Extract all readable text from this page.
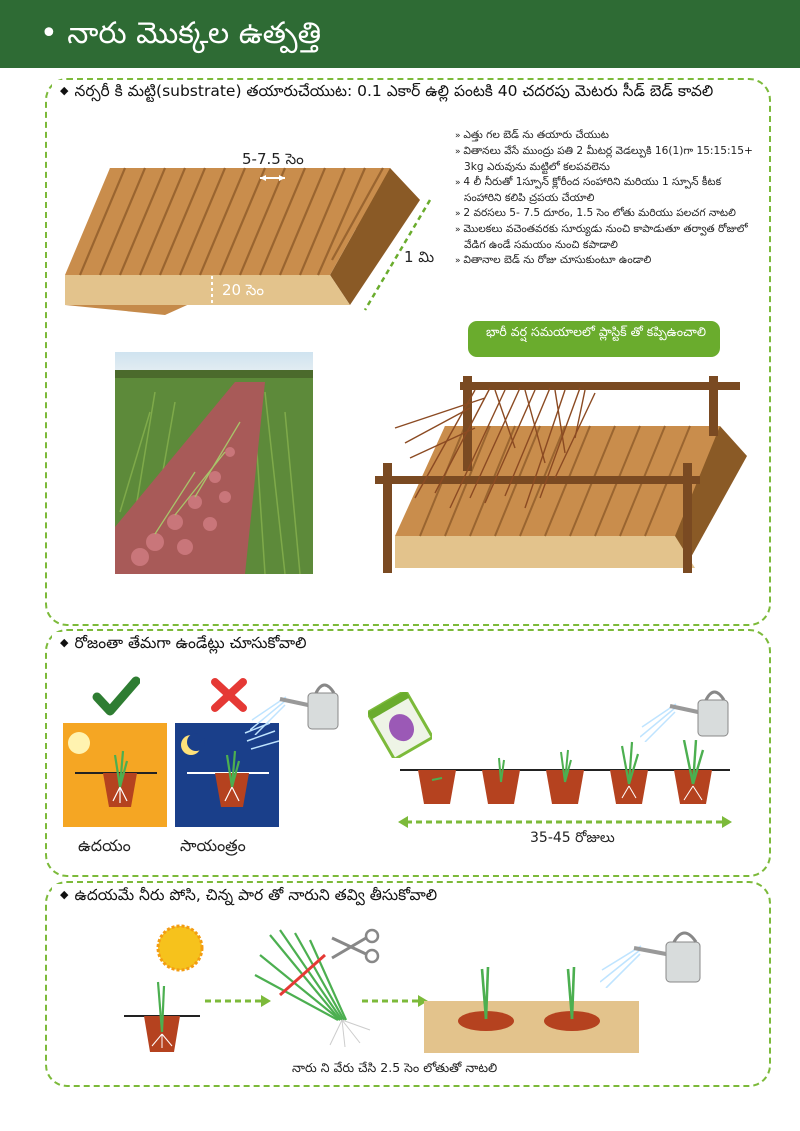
• నారు మొక్కల ఉత్పత్తి
◆ నర్సరీ కి మట్టి(substrate) తయారుచేయుట: 0.1 ఎకార్ ఉల్లి పంటకి 40 చదరపు మెటరు సీడ్ బెడ్ కావలి
5-7.5 సెం
20 సెం
1 మి

» ఎత్తు గల బెడ్ ను తయారు చేయుట

» వితానలు వేసే ముంద్రు పతి 2 మీటర్ల వెడల్పుకి 16(1)గా 15:15:15+ 3kg ఎరువును మట్టిలో కలపవలెను

» 4 లీ నీరుతో 1స్పూన్ క్లోరీంద సంహారిని మరియు 1 స్పూన్ కీటక సంహారిని కలిపి చ్రపయ చేయాలి

» 2 వరసలు 5- 7.5 దూరం, 1.5 సెం లోతు మరియు పలచగ నాటలి

» మొలకలు వచెంతవరకు సూర్యుడు నుంచి కాపాడుతూ తర్వాత రోజులో వేడిగ ఉండే సమయం నుంచి కపాడాలి

» వితానాల బెడ్ ను రోజు చూసుకుంటూ ఉండాలి

భారీ వర్ష సమయాలలో ప్లాస్టిక్ తో కప్పిఉంచాలి
◆ రోజంతా తేమగా ఉండేట్లు చూసుకోవాలి
ఉదయం	సాయంత్రం	35-45 రోజులు
◆ ఉదయమే నీరు పోసి, చిన్న పార తో నారుని తవ్వి తీసుకోవాలి
నారు ని వేరు చేసి 2.5 సెం లోతుతో నాటలి
